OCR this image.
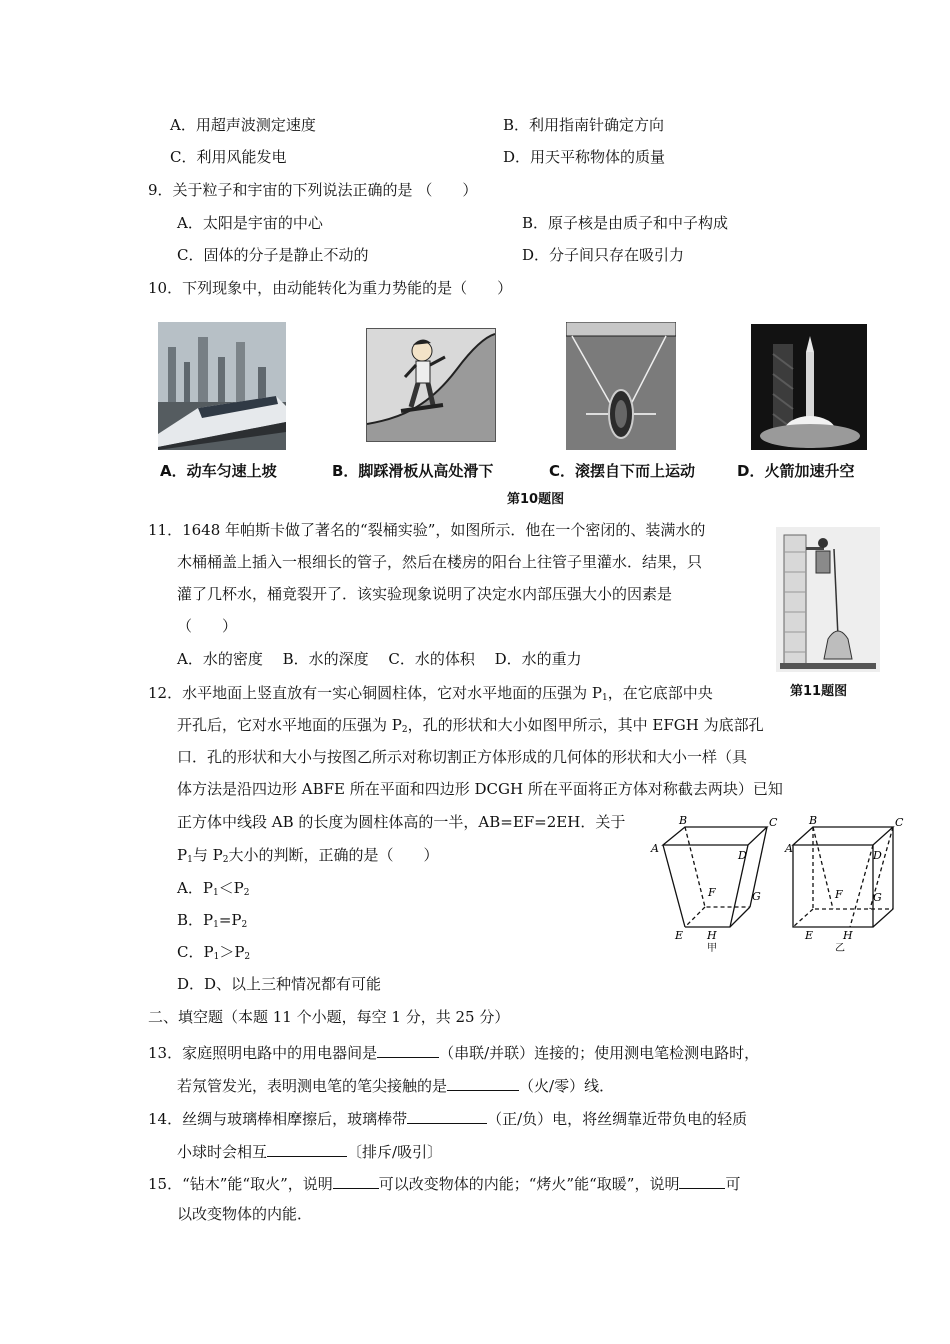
A．用超声波测定速度	B．利用指南针确定方向
C．利用风能发电	D．用天平称物体的质量
9．关于粒子和宇宙的下列说法正确的是 （　　）
A．太阳是宇宙的中心	B．原子核是由质子和中子构成
C．固体的分子是静止不动的	D．分子间只存在吸引力
10．下列现象中，由动能转化为重力势能的是（　　）
A．动车匀速上坡	B．脚踩滑板从高处滑下	C．滚摆自下而上运动	D．火箭加速升空
第10题图
11．1648 年帕斯卡做了著名的“裂桶实验”，如图所示．他在一个密闭的、装满水的
木桶桶盖上插入一根细长的管子，然后在楼房的阳台上往管子里灌水．结果，只
灌了几杯水，桶竟裂开了．该实验现象说明了决定水内部压强大小的因素是
（　　）
A．水的密度　 B．水的深度　 C．水的体积　 D．水的重力
第11题图
12．水平地面上竖直放有一实心铜圆柱体，它对水平地面的压强为 $P_1$，在它底部中央
开孔后，它对水平地面的压强为 $P_2$，孔的形状和大小如图甲所示，其中 EFGH 为底部孔
口．孔的形状和大小与按图乙所示对称切割正方体形成的几何体的形状和大小一样（具
体方法是沿四边形 ABFE 所在平面和四边形 DCGH 所在平面将正方体对称截去两块）已知
正方体中线段 AB 的长度为圆柱体高的一半，AB=EF=2EH．关于
$P_1$与 $P_2$大小的判断，正确的是（　　）
A．$P_1<P_2$
B．$P_1=P_2$
C．$P_1>P_2$
D．D、以上三种情况都有可能
B	C
A
D
F	G
E H
甲
B	C
A
D
F	G
E	H
乙
二、填空题（本题 11 个小题，每空 1 分，共 25 分）
13．家庭照明电路中的用电器间是	（串联/并联）连接的；使用测电笔检测电路时，
若氖管发光，表明测电笔的笔尖接触的是	（火/零）线．
14．丝绸与玻璃棒相摩擦后，玻璃棒带	（正/负）电，将丝绸靠近带负电的轻质
小球时会相互	〔排斥/吸引〕
15．“钻木”能“取火”，说明	可以改变物体的内能；“烤火”能“取暖”，说明	可
以改变物体的内能．
